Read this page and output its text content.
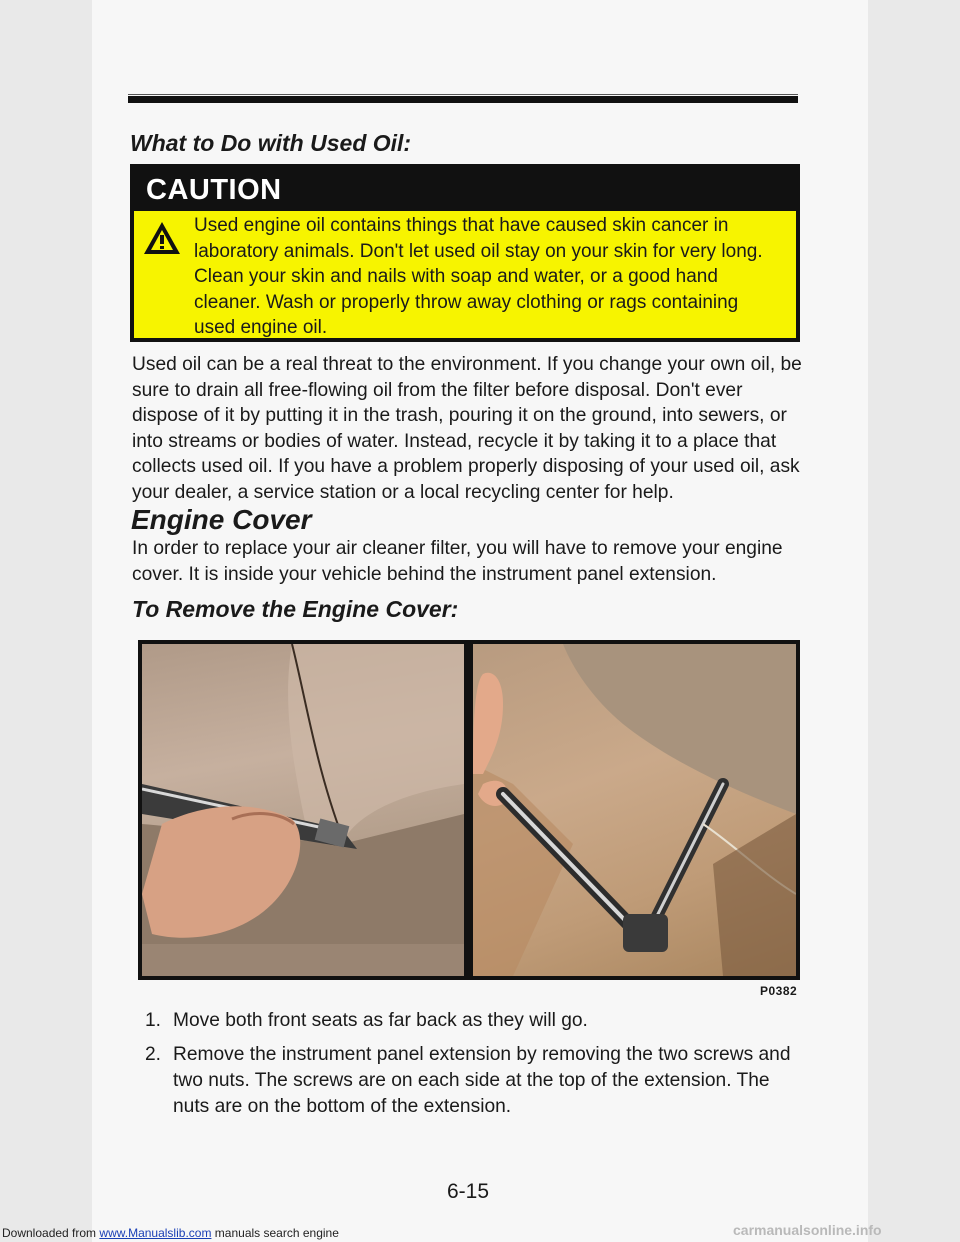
What to Do with Used Oil:
CAUTION

Used engine oil contains things that have caused skin cancer in laboratory animals. Don't let used oil stay on your skin for very long. Clean your skin and nails with soap and water, or a good hand cleaner. Wash or properly throw away clothing or rags containing used engine oil.

Used oil can be a real threat to the environment. If you change your own oil, be sure to drain all free-flowing oil from the filter before disposal. Don't ever dispose of it by putting it in the trash, pouring it on the ground, into sewers, or into streams or bodies of water. Instead, recycle it by taking it to a place that collects used oil. If you have a problem properly disposing of your used oil, ask your dealer, a service station or a local recycling center for help.

Engine Cover

In order to replace your air cleaner filter, you will have to remove your engine cover. It is inside your vehicle behind the instrument panel extension.

To Remove the Engine Cover:
P0382
1. Move both front seats as far back as they will go.
2. Remove the instrument panel extension by removing the two screws and two nuts. The screws are on each side at the top of the extension. The nuts are on the bottom of the extension.
6-15
Downloaded from www.Manualslib.com manuals search engine	carmanualsonline.info
